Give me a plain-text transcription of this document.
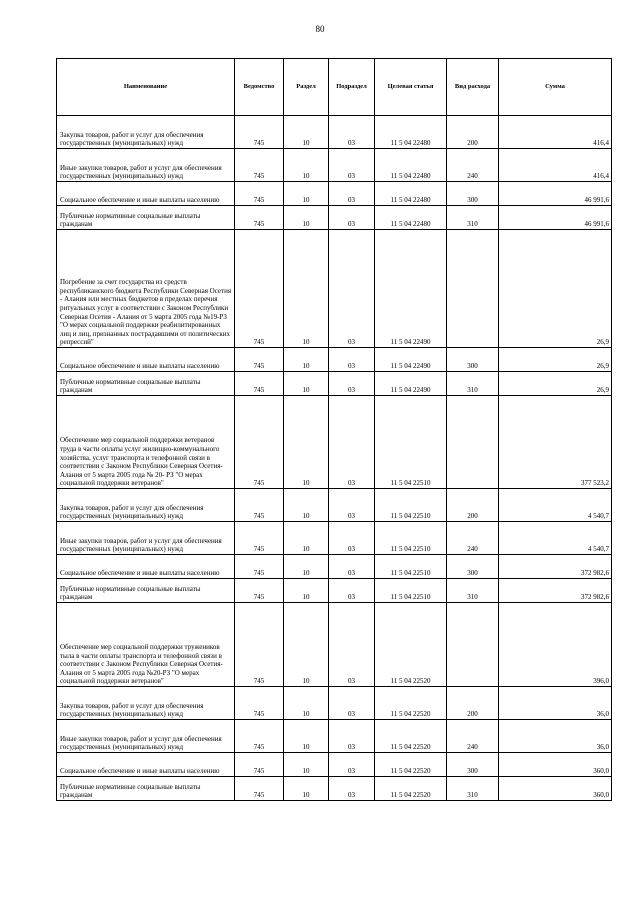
80
Наименование	Ведомство	Раздел	Подраздел	Целевая статья	Вид расхода	Сумма
Закупка товаров, работ и услуг для обеспечения государственных (муниципальных) нужд	745	10	03	11 5 04 22480	200	416,4
Иные закупки товаров, работ и услуг для обеспечения государственных (муниципальных) нужд	745	10	03	11 5 04 22480	240	416,4
Социальное обеспечение и иные выплаты населению	745	10	03	11 5 04 22480	300	46 991,6
Публичные нормативные социальные выплаты гражданам	745	10	03	11 5 04 22480	310	46 991,6
Погребение за счет государства из средств республиканского бюджета Республики Северная Осетия - Алания или местных бюджетов в пределах перечня ритуальных услуг в соответствии с Законом Республики Северная Осетия - Алания от 5 марта 2005 года №19-РЗ "О мерах социальной поддержки реабилитированных лиц и лиц, признанных пострадавшими от политических репрессий"	745	10	03	11 5 04 22490		26,9
Социальное обеспечение и иные выплаты населению	745	10	03	11 5 04 22490	300	26,9
Публичные нормативные социальные выплаты гражданам	745	10	03	11 5 04 22490	310	26,9
Обеспечение мер социальной поддержки ветеранов труда в части оплаты услуг жилищно-коммунального хозяйства, услуг транспорта и телефонной связи в соответствии с Законом Республики Северная Осетия-Алания от 5 марта 2005 года № 20- РЗ "О мерах социальной поддержки ветеранов"	745	10	03	11 5 04 22510		377 523,2
Закупка товаров, работ и услуг для обеспечения государственных (муниципальных) нужд	745	10	03	11 5 04 22510	200	4 540,7
Иные закупки товаров, работ и услуг для обеспечения государственных (муниципальных) нужд	745	10	03	11 5 04 22510	240	4 540,7
Социальное обеспечение и иные выплаты населению	745	10	03	11 5 04 22510	300	372 982,6
Публичные нормативные социальные выплаты гражданам	745	10	03	11 5 04 22510	310	372 982,6
Обеспечение мер социальной поддержки тружеников тыла в части оплаты транспорта и телефонной связи в соответствии с Законом Республики Северная Осетия-Алания от 5 марта 2005 года №20-РЗ "О мерах социальной поддержки ветеранов"	745	10	03	11 5 04 22520		396,0
Закупка товаров, работ и услуг для обеспечения государственных (муниципальных) нужд	745	10	03	11 5 04 22520	200	36,0
Иные закупки товаров, работ и услуг для обеспечения государственных (муниципальных) нужд	745	10	03	11 5 04 22520	240	36,0
Социальное обеспечение и иные выплаты населению	745	10	03	11 5 04 22520	300	360,0
Публичные нормативные социальные выплаты гражданам	745	10	03	11 5 04 22520	310	360,0
